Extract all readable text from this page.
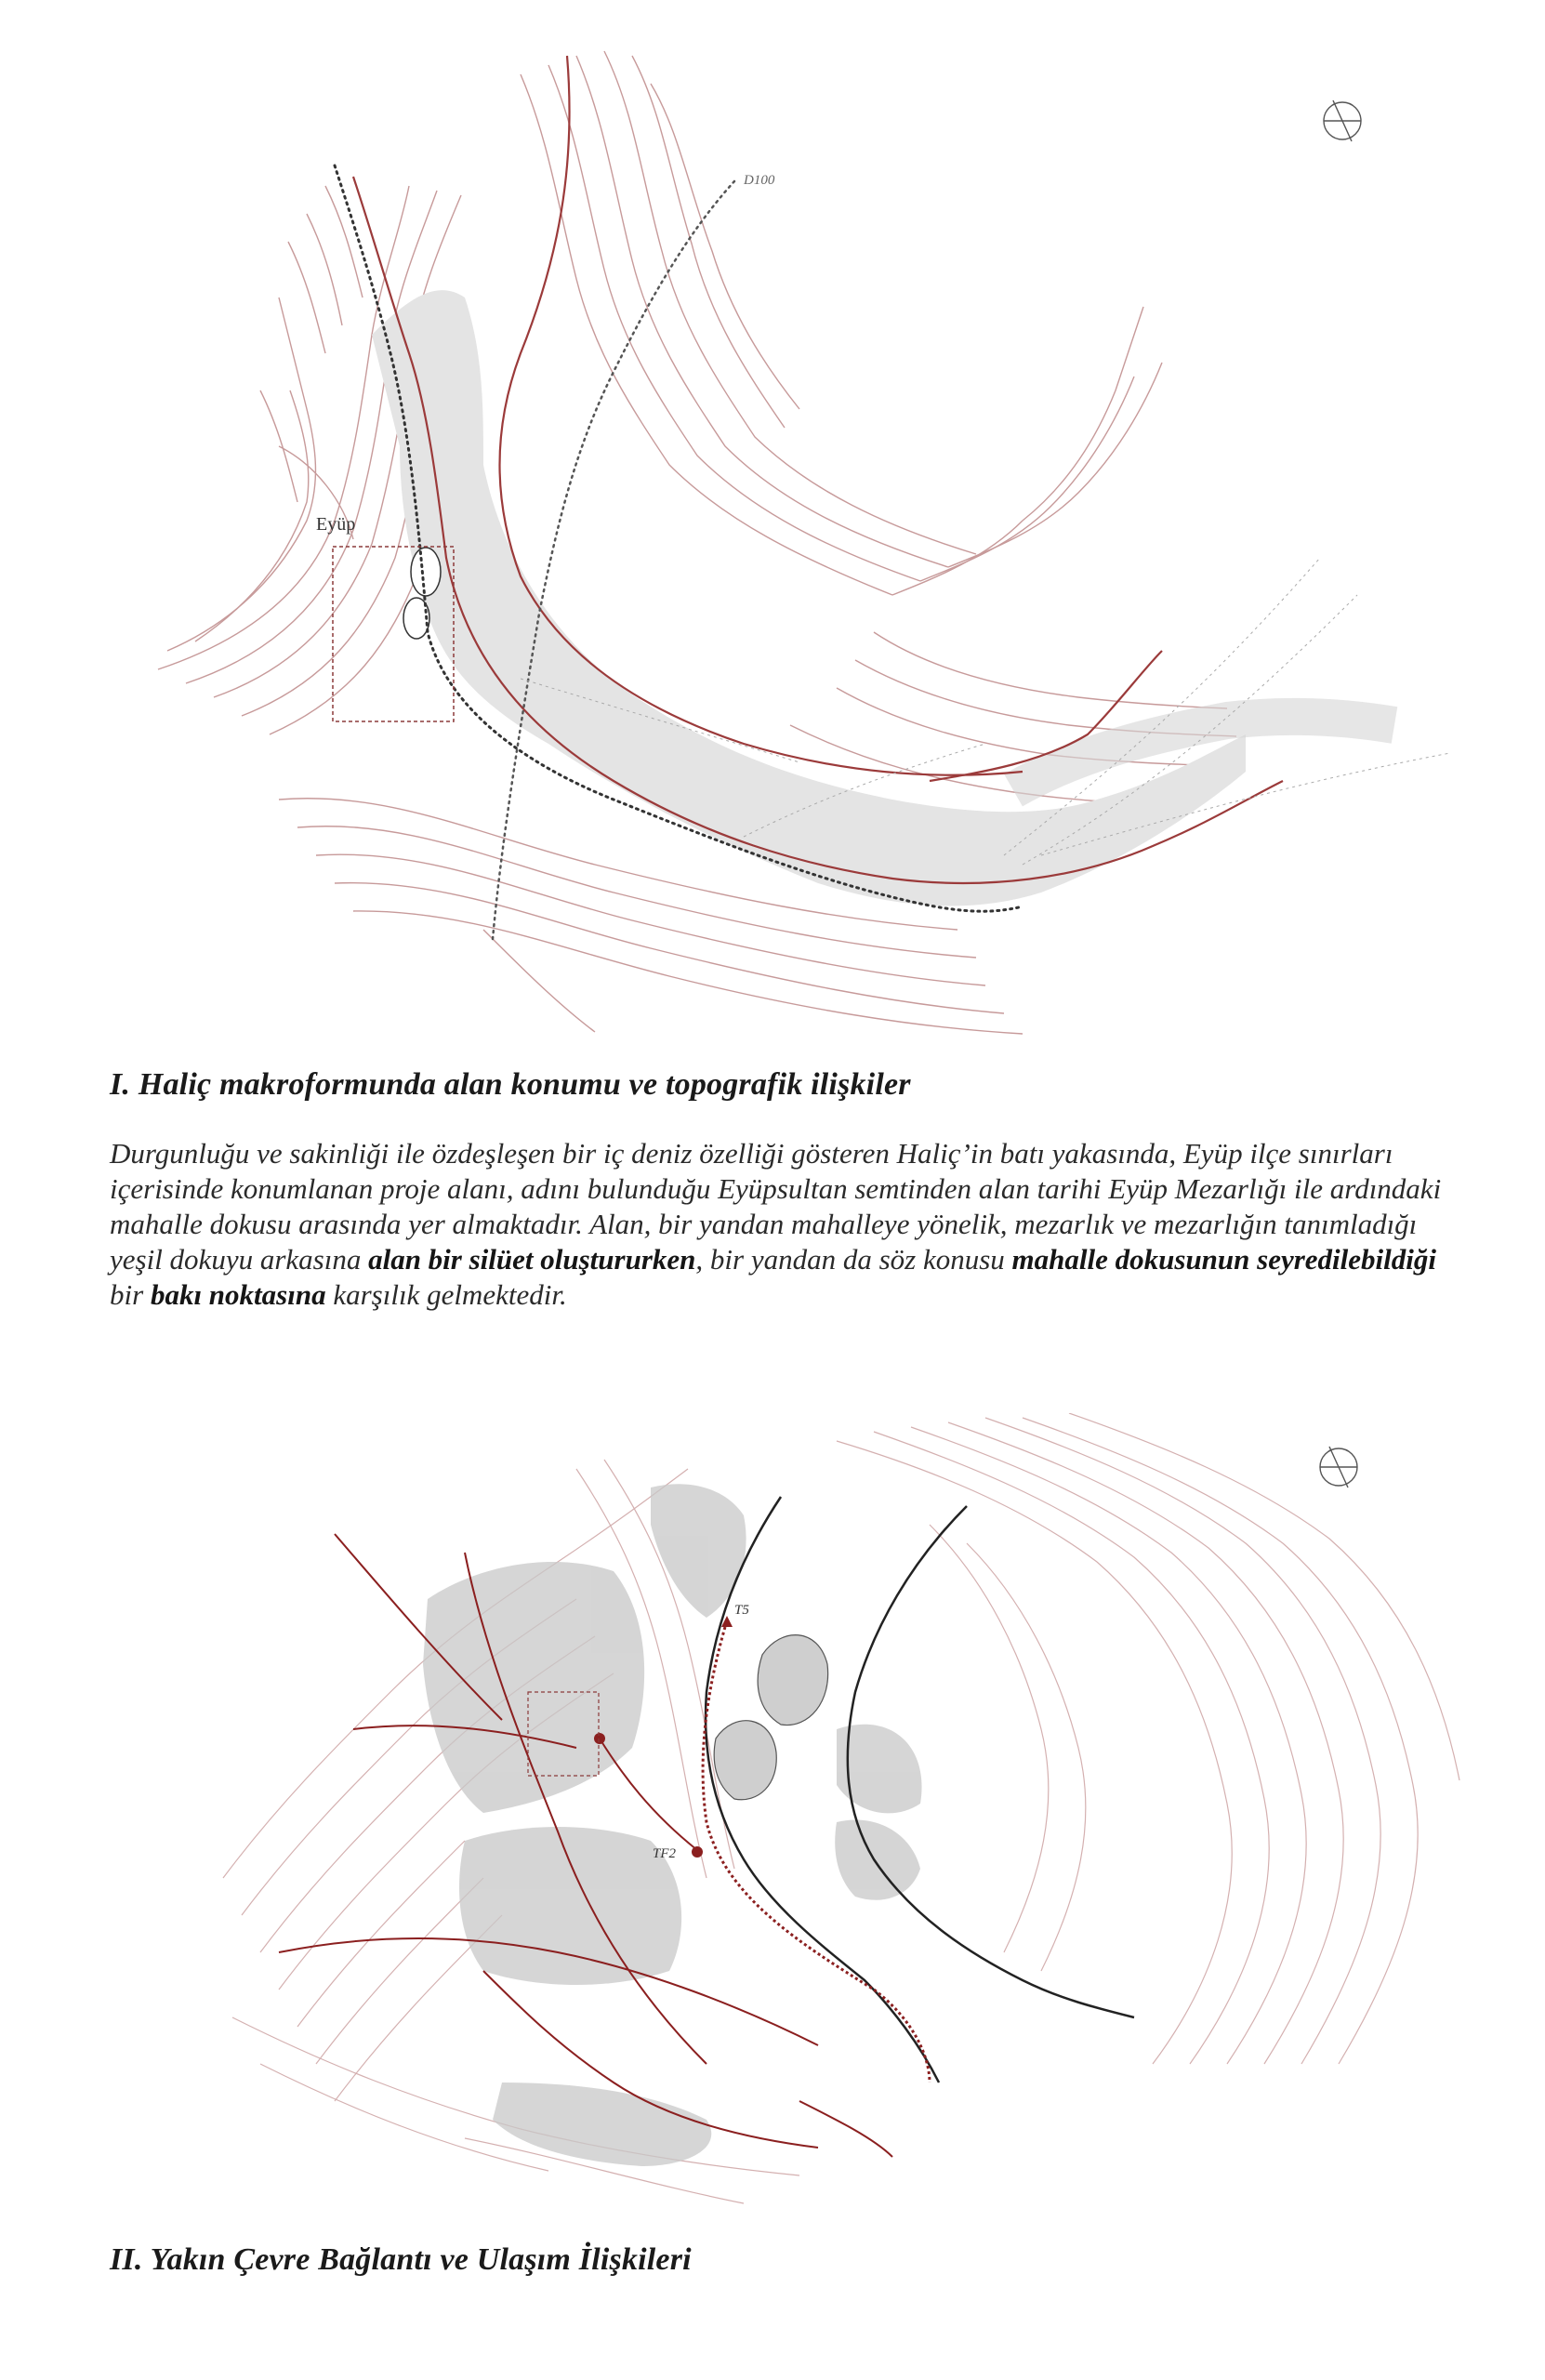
Eyüp
D100
I. Haliç makroformunda alan konumu ve topografik ilişkiler

Durgunluğu ve sakinliği ile özdeşleşen bir iç deniz özelliği gösteren Haliç’in batı yakasında, Eyüp ilçe sınırları içerisinde konumlanan proje alanı, adını bulunduğu Eyüpsultan semtinden alan tarihi Eyüp Mezarlığı ile ardındaki mahalle dokusu arasında yer almaktadır. Alan, bir yandan mahalleye yönelik, mezarlık ve mezarlığın tanımladığı yeşil dokuyu arkasına alan bir silüet oluştururken, bir yandan da söz konusu mahalle dokusunun seyredilebildiği bir bakı noktasına karşılık gelmektedir.

T5
TF2
II. Yakın Çevre Bağlantı ve Ulaşım İlişkileri
